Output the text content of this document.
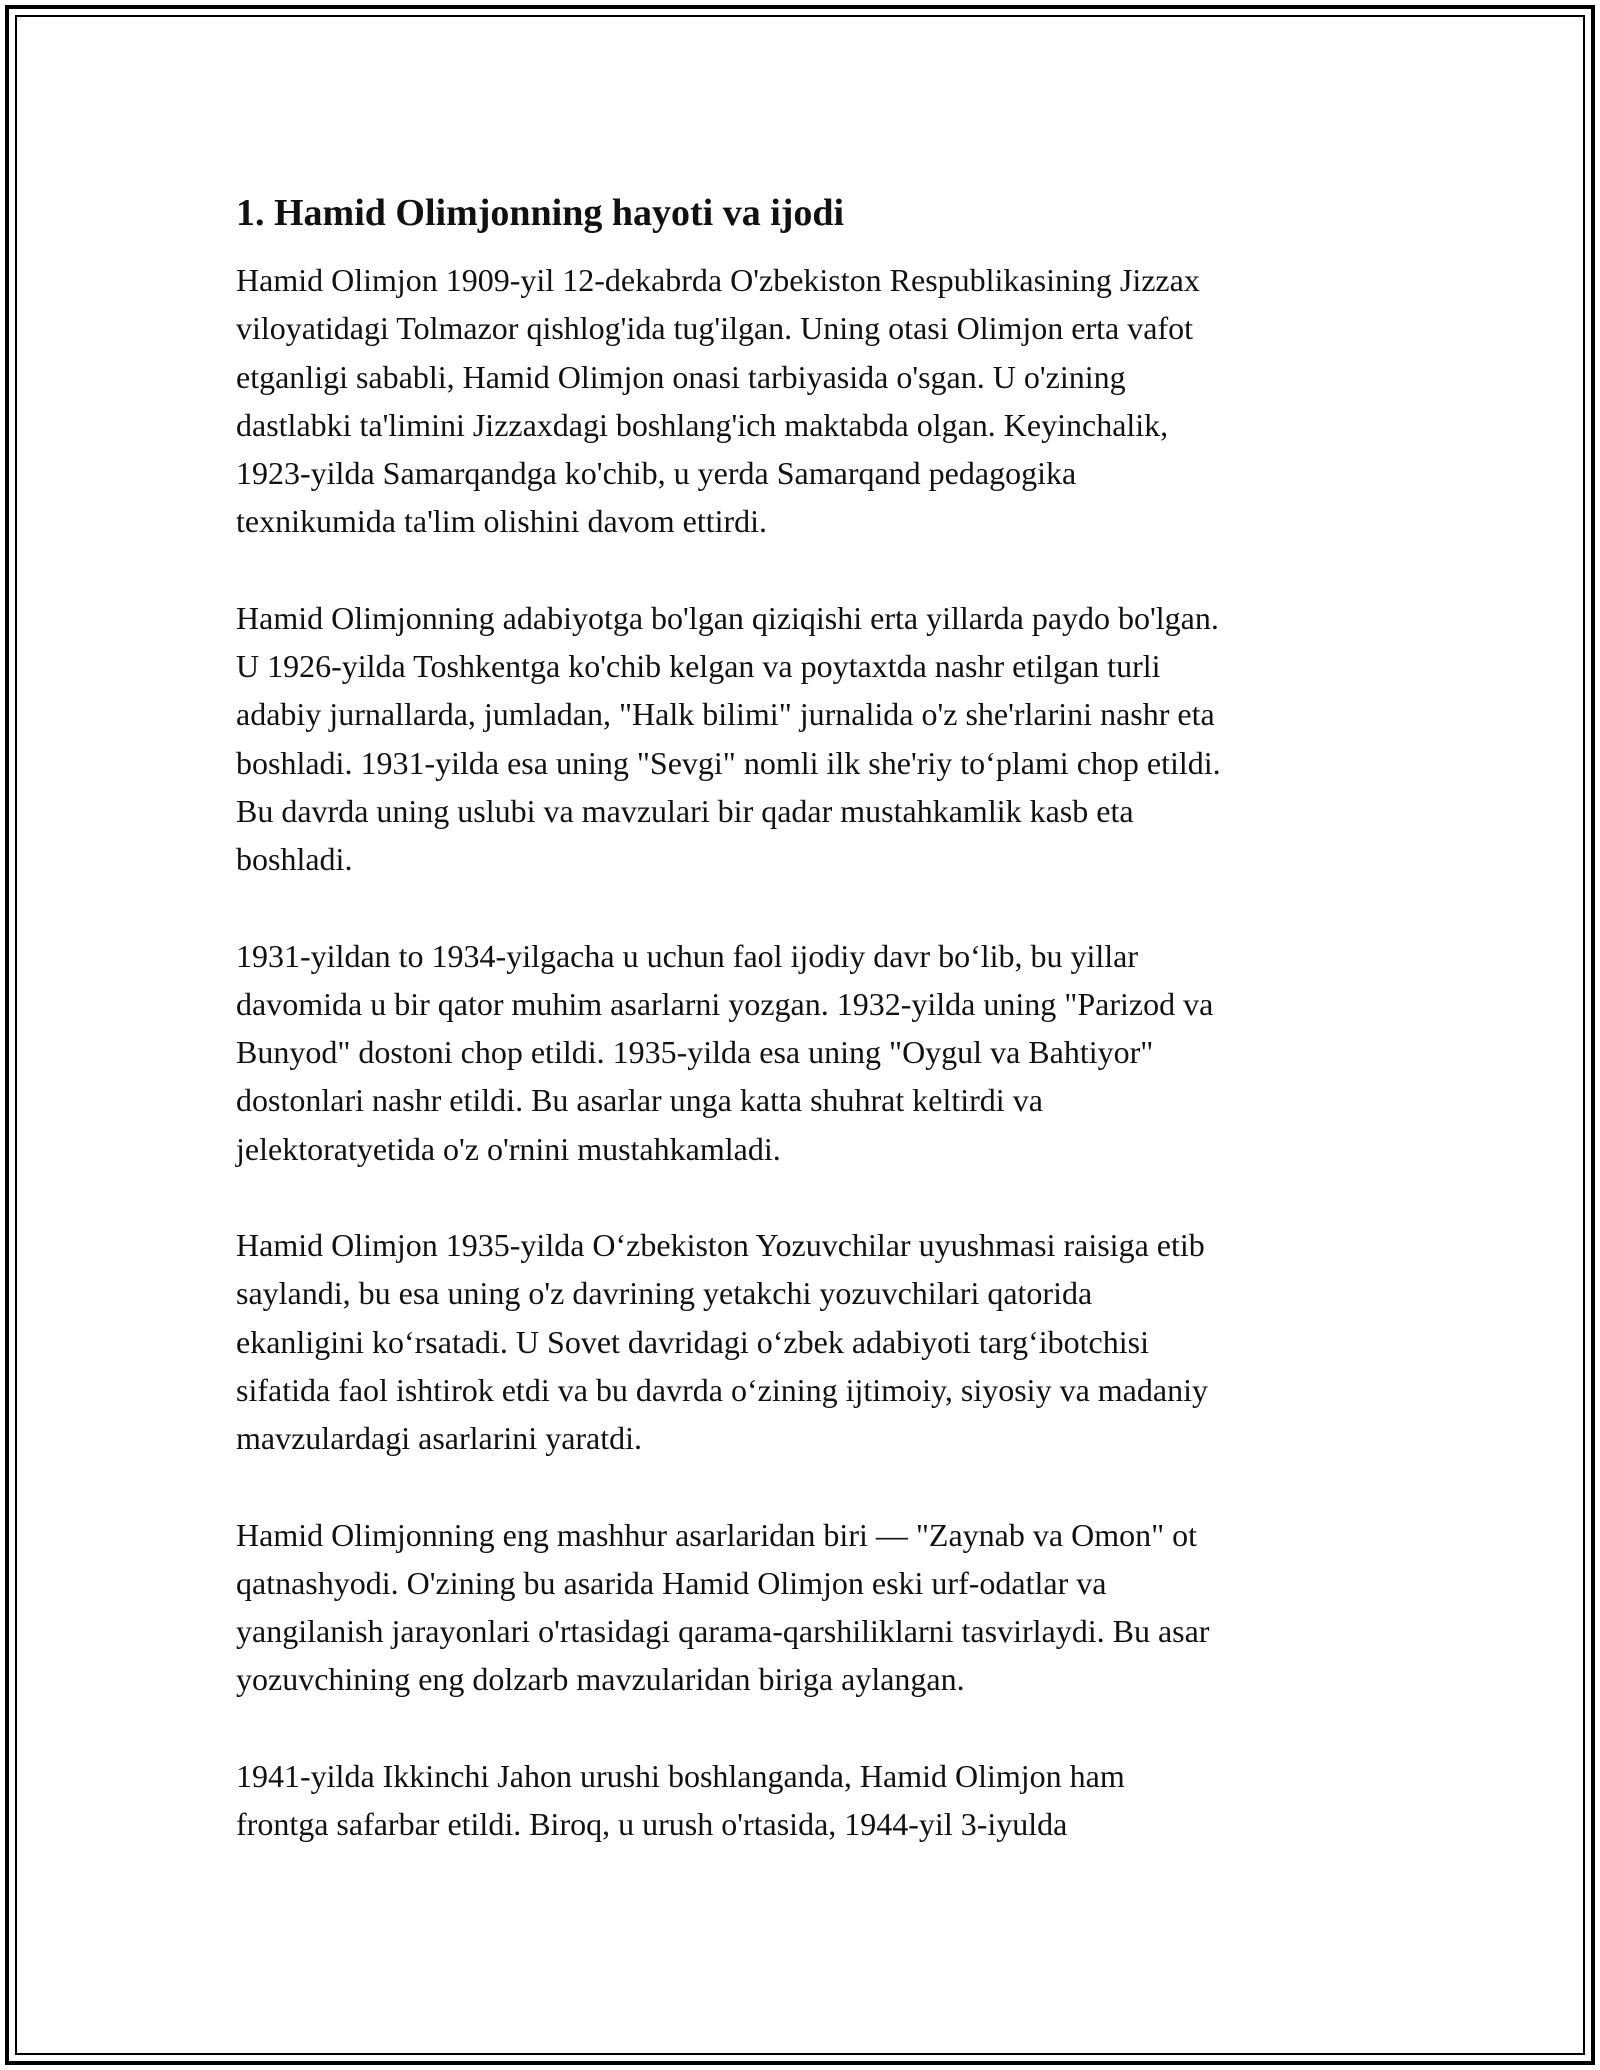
1. Hamid Olimjonning hayoti va ijodi

Hamid Olimjon 1909-yil 12-dekabrda O'zbekiston Respublikasining Jizzax
viloyatidagi Tolmazor qishlog'ida tug'ilgan. Uning otasi Olimjon erta vafot
etganligi sababli, Hamid Olimjon onasi tarbiyasida o'sgan. U o'zining
dastlabki ta'limini Jizzaxdagi boshlang'ich maktabda olgan. Keyinchalik,
1923-yilda Samarqandga ko'chib, u yerda Samarqand pedagogika
texnikumida ta'lim olishini davom ettirdi.

Hamid Olimjonning adabiyotga bo'lgan qiziqishi erta yillarda paydo bo'lgan.
U 1926-yilda Toshkentga ko'chib kelgan va poytaxtda nashr etilgan turli
adabiy jurnallarda, jumladan, "Halk bilimi" jurnalida o'z she'rlarini nashr eta
boshladi. 1931-yilda esa uning "Sevgi" nomli ilk she'riy toʻplami chop etildi.
Bu davrda uning uslubi va mavzulari bir qadar mustahkamlik kasb eta
boshladi.

1931-yildan to 1934-yilgacha u uchun faol ijodiy davr boʻlib, bu yillar
davomida u bir qator muhim asarlarni yozgan. 1932-yilda uning "Parizod va
Bunyod" dostoni chop etildi. 1935-yilda esa uning "Oygul va Bahtiyor"
dostonlari nashr etildi. Bu asarlar unga katta shuhrat keltirdi va
jelektoratyetida o'z o'rnini mustahkamladi.

Hamid Olimjon 1935-yilda Oʻzbekiston Yozuvchilar uyushmasi raisiga etib
saylandi, bu esa uning o'z davrining yetakchi yozuvchilari qatorida
ekanligini koʻrsatadi. U Sovet davridagi oʻzbek adabiyoti targʻibotchisi
sifatida faol ishtirok etdi va bu davrda oʻzining ijtimoiy, siyosiy va madaniy
mavzulardagi asarlarini yaratdi.

Hamid Olimjonning eng mashhur asarlaridan biri — "Zaynab va Omon" ot
qatnashyodi. O'zining bu asarida Hamid Olimjon eski urf-odatlar va
yangilanish jarayonlari o'rtasidagi qarama-qarshiliklarni tasvirlaydi. Bu asar
yozuvchining eng dolzarb mavzularidan biriga aylangan.

1941-yilda Ikkinchi Jahon urushi boshlanganda, Hamid Olimjon ham
frontga safarbar etildi. Biroq, u urush o'rtasida, 1944-yil 3-iyulda
